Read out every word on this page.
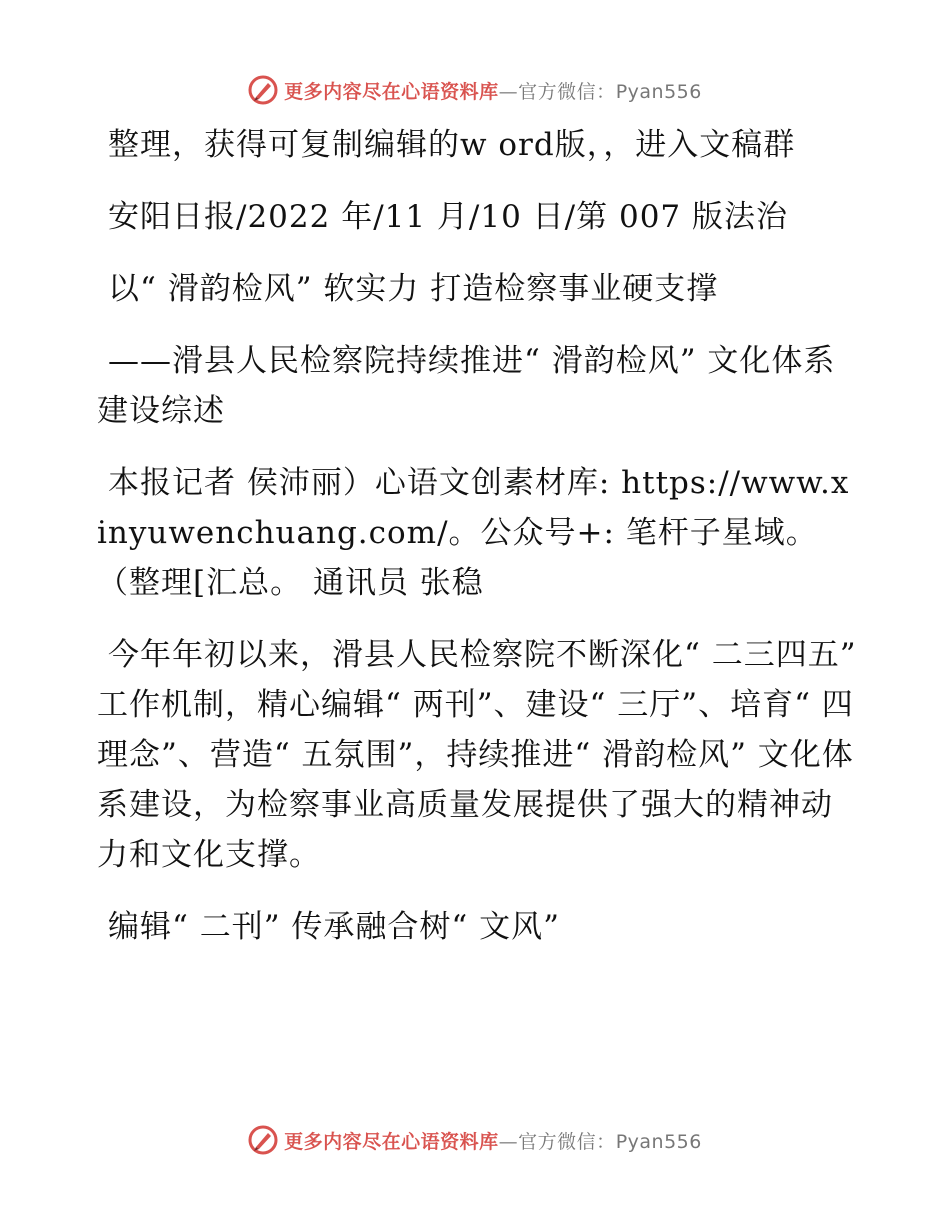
更多内容尽在心语资料库—官方微信：Pyan556

整理，获得可复制编辑的w ord版，，进入文稿群

安阳日报/2022 年/11 月/10 日/第 007 版法治

以“ 滑韵检风” 软实力 打造检察事业硬支撑

——滑县人民检察院持续推进“ 滑韵检风” 文化体系建设综述

本报记者 侯沛丽）心语文创素材库: https://www.xinyuwenchuang.com/。公众号+: 笔杆子星域。（整理[汇总。 通讯员 张稳

今年年初以来，滑县人民检察院不断深化“ 二三四五” 工作机制，精心编辑“ 两刊”、建设“ 三厅”、培育“ 四理念”、营造“ 五氛围”，持续推进“ 滑韵检风” 文化体系建设，为检察事业高质量发展提供了强大的精神动力和文化支撑。

编辑“ 二刊” 传承融合树“ 文风”

更多内容尽在心语资料库—官方微信：Pyan556
